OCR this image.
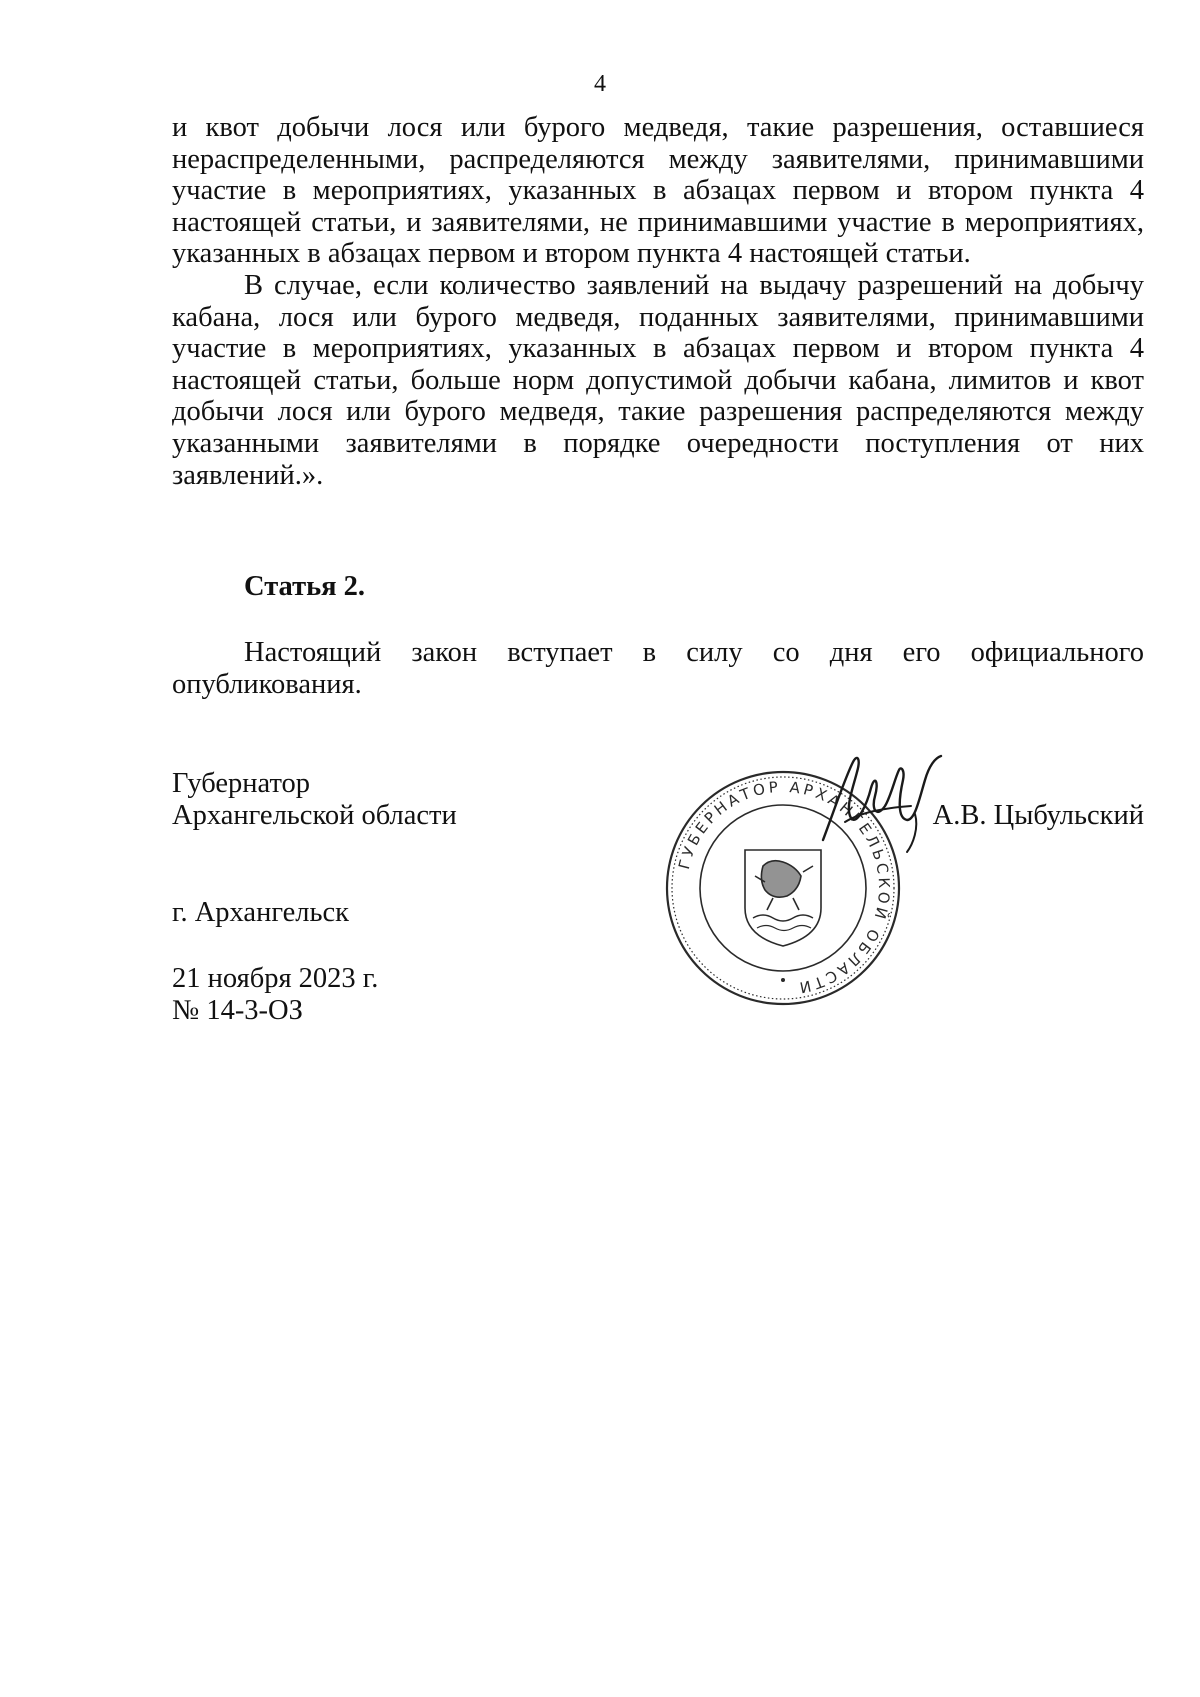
4

и квот добычи лося или бурого медведя, такие разрешения, оставшиеся нераспределенными, распределяются между заявителями, принимавшими участие в мероприятиях, указанных в абзацах первом и втором пункта 4 настоящей статьи, и заявителями, не принимавшими участие в мероприятиях, указанных в абзацах первом и втором пункта 4 настоящей статьи.

В случае, если количество заявлений на выдачу разрешений на добычу кабана, лося или бурого медведя, поданных заявителями, принимавшими участие в мероприятиях, указанных в абзацах первом и втором пункта 4 настоящей статьи, больше норм допустимой добычи кабана, лимитов и квот добычи лося или бурого медведя, такие разрешения распределяются между указанными заявителями в порядке очередности поступления от них заявлений.».

Статья 2.

Настоящий закон вступает в силу со дня его официального опубликования.

Губернатор
Архангельской области	А.В. Цыбульский
ГУБЕРНАТОР АРХАНГЕЛЬСКОЙ ОБЛАСТИ
г. Архангельск
21 ноября 2023 г.
№ 14-3-ОЗ
